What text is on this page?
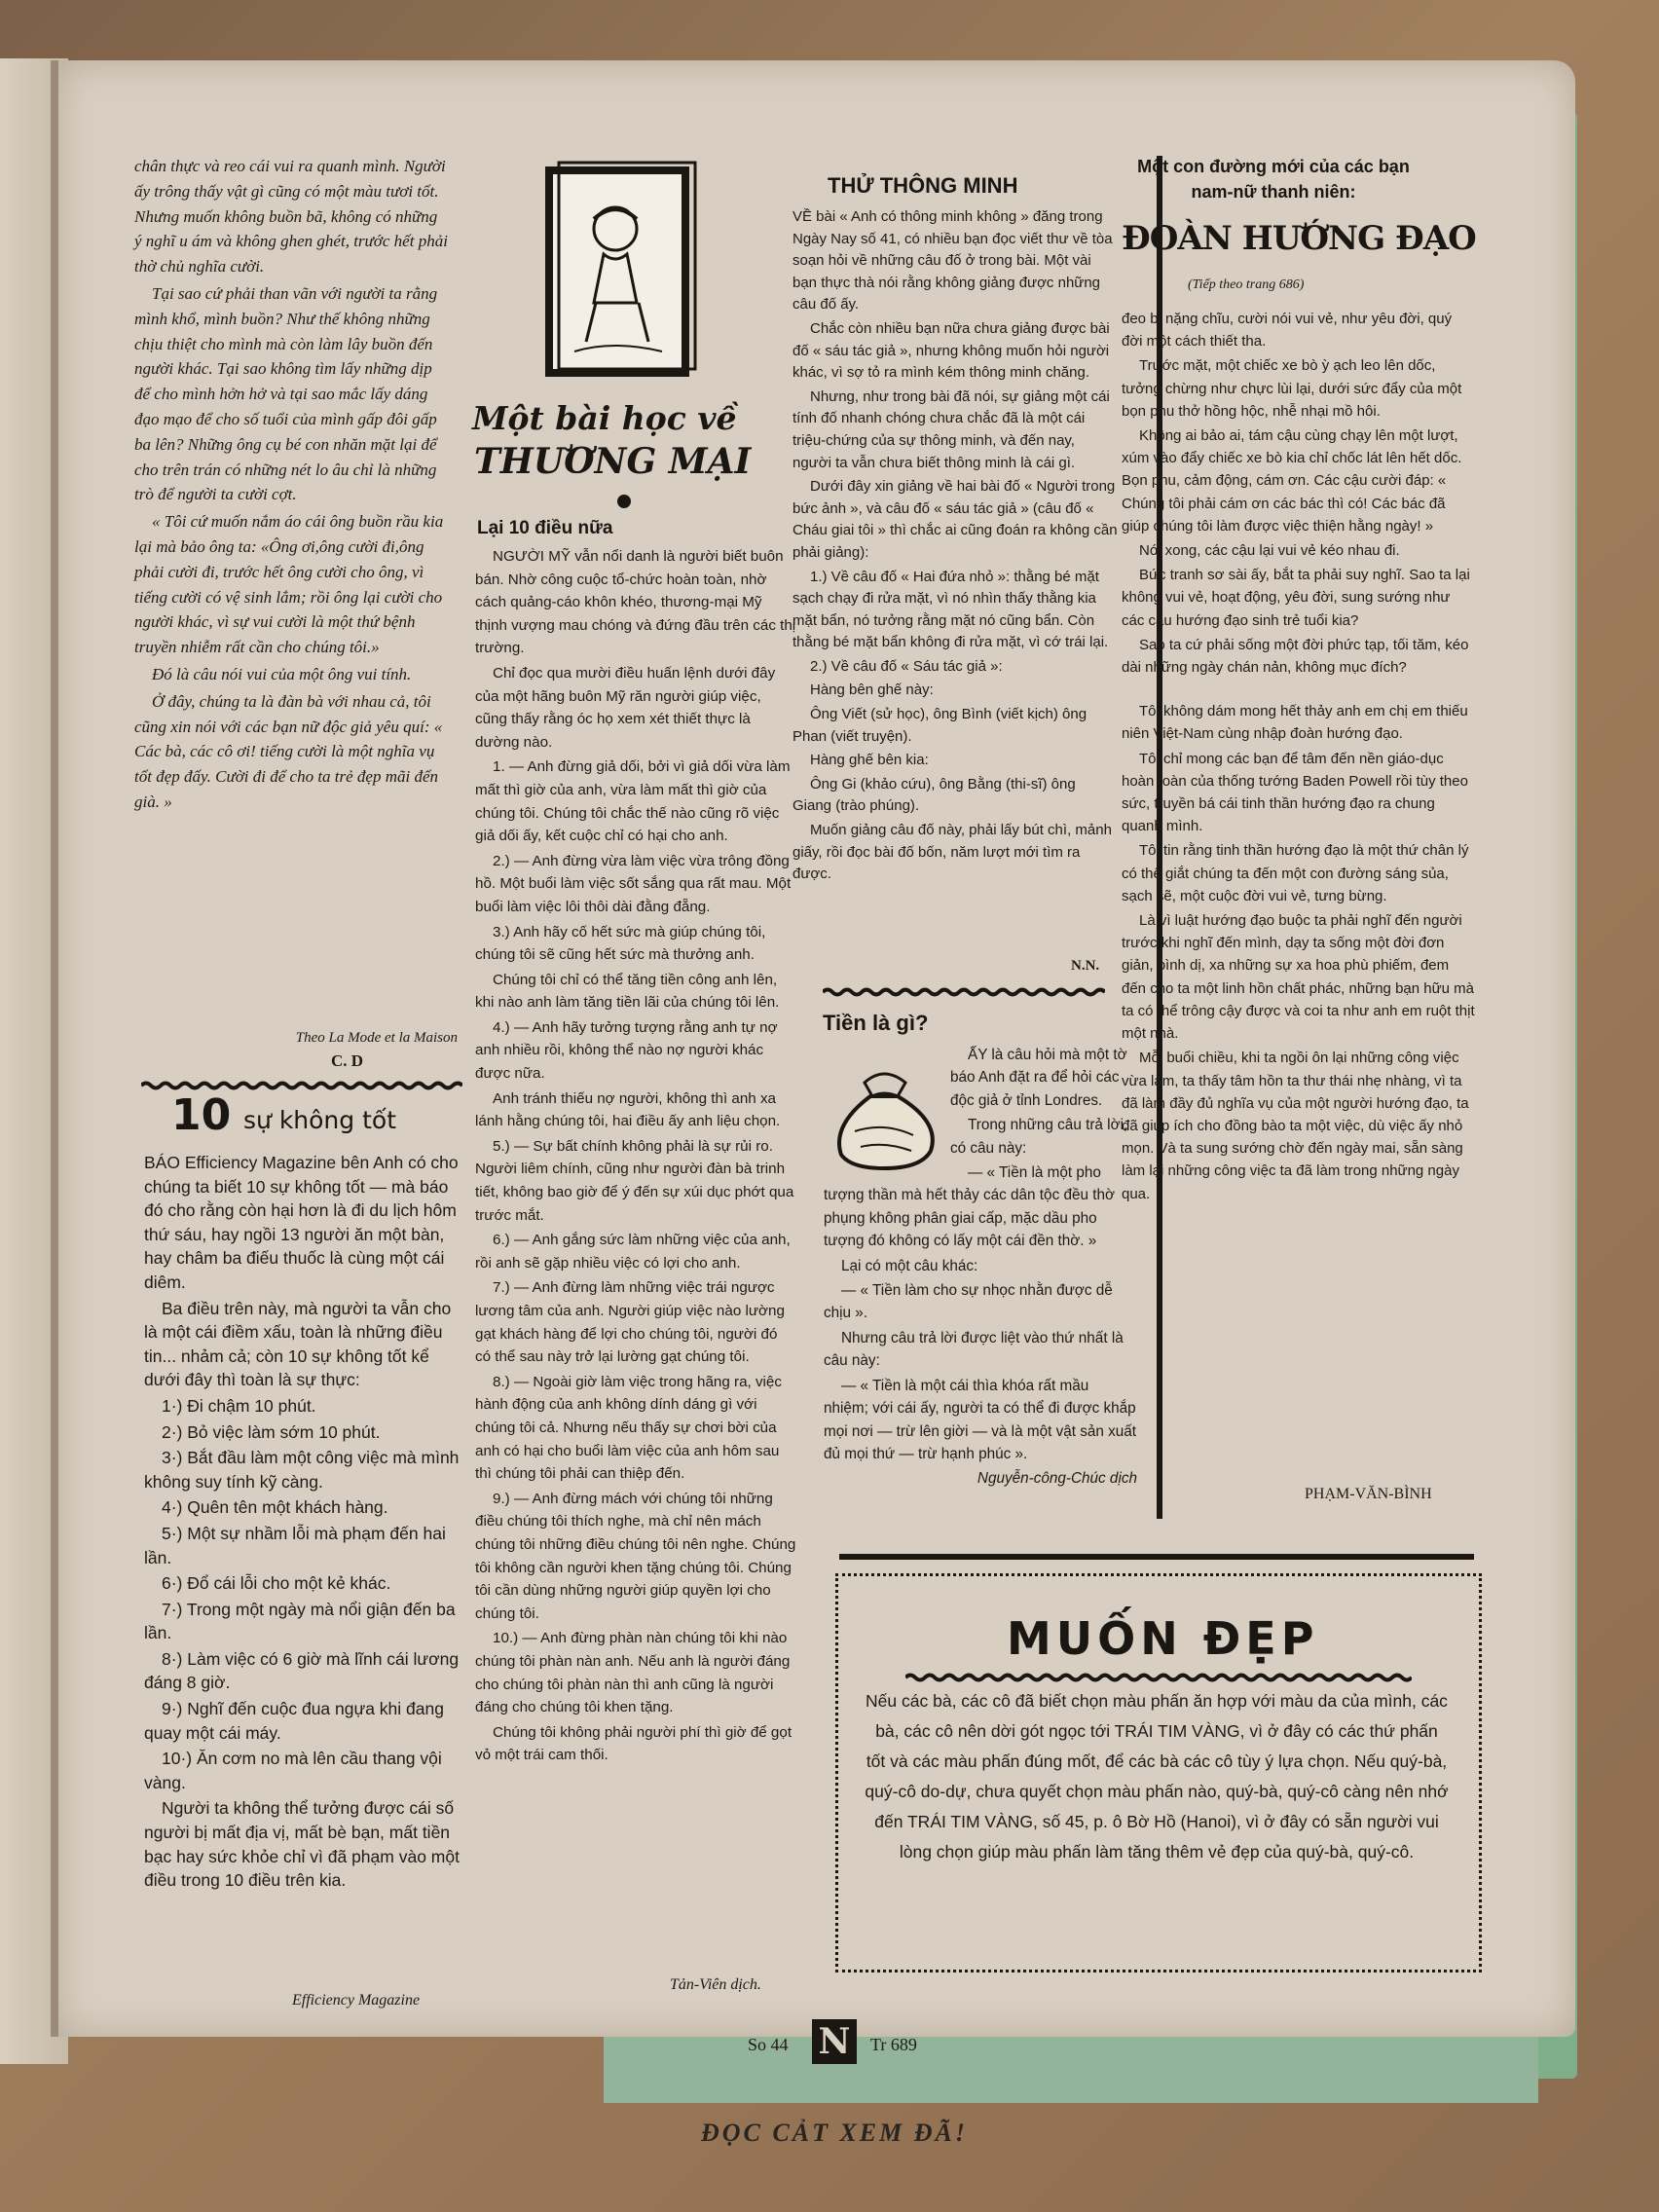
chân thực và reo cái vui ra quanh mình. Người ấy trông thấy vật gì cũng có một màu tươi tốt. Nhưng muốn không buồn bã, không có những ý nghĩ u ám và không ghen ghét, trước hết phải thờ chủ nghĩa cười.

Tại sao cứ phải than vãn với người ta rằng mình khổ, mình buồn? Như thế không những chịu thiệt cho mình mà còn làm lây buồn đến người khác. Tại sao không tìm lấy những dịp để cho mình hởn hở và tại sao mắc lấy dáng đạo mạo để cho số tuổi của mình gấp đôi gấp ba lên? Những ông cụ bé con nhăn mặt lại để cho trên trán có những nét lo âu chỉ là những trò để người ta cười cợt.

« Tôi cứ muốn nắm áo cái ông buồn rầu kia lại mà bảo ông ta: «Ông ơi,ông cười đi,ông phải cười đi, trước hết ông cười cho ông, vì tiếng cười có vệ sinh lắm; rồi ông lại cười cho người khác, vì sự vui cười là một thứ bệnh truyền nhiễm rất cần cho chúng tôi.»

Đó là câu nói vui của một ông vui tính.

Ở đây, chúng ta là đàn bà với nhau cả, tôi cũng xin nói với các bạn nữ độc giả yêu quí: « Các bà, các cô ơi! tiếng cười là một nghĩa vụ tốt đẹp đấy. Cười đi để cho ta trẻ đẹp mãi đến già. »

Theo La Mode et la Maison
C. D
10 sự không tốt

BÁO Efficiency Magazine bên Anh có cho chúng ta biết 10 sự không tốt — mà báo đó cho rằng còn hại hơn là đi du lịch hôm thứ sáu, hay ngồi 13 người ăn một bàn, hay châm ba điếu thuốc là cùng một cái diêm.

Ba điều trên này, mà người ta vẫn cho là một cái điềm xấu, toàn là những điều tin... nhảm cả; còn 10 sự không tốt kể dưới đây thì toàn là sự thực:

1·) Đi chậm 10 phút.

2·) Bỏ việc làm sớm 10 phút.

3·) Bắt đầu làm một công việc mà mình không suy tính kỹ càng.

4·) Quên tên một khách hàng.

5·) Một sự nhầm lỗi mà phạm đến hai lần.

6·) Đổ cái lỗi cho một kẻ khác.

7·) Trong một ngày mà nổi giận đến ba lần.

8·) Làm việc có 6 giờ mà lĩnh cái lương đáng 8 giờ.

9·) Nghĩ đến cuộc đua ngựa khi đang quay một cái máy.

10·) Ăn cơm no mà lên cầu thang vội vàng.

Người ta không thể tưởng được cái số người bị mất địa vị, mất bè bạn, mất tiền bạc hay sức khỏe chỉ vì đã phạm vào một điều trong 10 điều trên kia.

Efficiency Magazine
Một bài học về
THƯƠNG MẠI
Lại 10 điều nữa

NGƯỜI MỸ vẫn nổi danh là người biết buôn bán. Nhờ công cuộc tổ-chức hoàn toàn, nhờ cách quảng-cáo khôn khéo, thương-mại Mỹ thịnh vượng mau chóng và đứng đầu trên các thị trường.

Chỉ đọc qua mười điều huấn lệnh dưới đây của một hãng buôn Mỹ răn người giúp việc, cũng thấy rằng óc họ xem xét thiết thực là dường nào.

1. — Anh đừng giả dối, bởi vì giả dối vừa làm mất thì giờ của anh, vừa làm mất thì giờ của chúng tôi. Chúng tôi chắc thế nào cũng rõ việc giả dối ấy, kết cuộc chỉ có hại cho anh.

2.) — Anh đừng vừa làm việc vừa trông đồng hồ. Một buổi làm việc sốt sắng qua rất mau. Một buổi làm việc lôi thôi dài đằng đẵng.

3.) Anh hãy cố hết sức mà giúp chúng tôi, chúng tôi sẽ cũng hết sức mà thưởng anh.

Chúng tôi chỉ có thể tăng tiền công anh lên, khi nào anh làm tăng tiền lãi của chúng tôi lên.

4.) — Anh hãy tưởng tượng rằng anh tự nợ anh nhiều rồi, không thể nào nợ người khác được nữa.

Anh tránh thiếu nợ người, không thì anh xa lánh hằng chúng tôi, hai điều ấy anh liệu chọn.

5.) — Sự bất chính không phải là sự rủi ro. Người liêm chính, cũng như người đàn bà trinh tiết, không bao giờ để ý đến sự xúi dục phớt qua trước mắt.

6.) — Anh gắng sức làm những việc của anh, rồi anh sẽ gặp nhiều việc có lợi cho anh.

7.) — Anh đừng làm những việc trái ngược lương tâm của anh. Người giúp việc nào lường gạt khách hàng để lợi cho chúng tôi, người đó có thể sau này trở lại lường gạt chúng tôi.

8.) — Ngoài giờ làm việc trong hãng ra, việc hành động của anh không dính dáng gì với chúng tôi cả. Nhưng nếu thấy sự chơi bời của anh có hại cho buổi làm việc của anh hôm sau thì chúng tôi phải can thiệp đến.

9.) — Anh đừng mách với chúng tôi những điều chúng tôi thích nghe, mà chỉ nên mách chúng tôi những điều chúng tôi nên nghe. Chúng tôi không cần người khen tặng chúng tôi. Chúng tôi cần dùng những người giúp quyền lợi cho chúng tôi.

10.) — Anh đừng phàn nàn chúng tôi khi nào chúng tôi phàn nàn anh. Nếu anh là người đáng cho chúng tôi phàn nàn thì anh cũng là người đáng cho chúng tôi khen tặng.

Chúng tôi không phải người phí thì giờ để gọt vỏ một trái cam thối.

Tản-Viên dịch.
THỬ THÔNG MINH

VỀ bài « Anh có thông minh không » đăng trong Ngày Nay số 41, có nhiều bạn đọc viết thư về tòa soạn hỏi về những câu đố ở trong bài. Một vài bạn thực thà nói rằng không giảng được những câu đố ấy.

Chắc còn nhiều bạn nữa chưa giảng được bài đố « sáu tác giả », nhưng không muốn hỏi người khác, vì sợ tỏ ra mình kém thông minh chăng.

Nhưng, như trong bài đã nói, sự giảng một cái tính đố nhanh chóng chưa chắc đã là một cái triệu-chứng của sự thông minh, và đến nay, người ta vẫn chưa biết thông minh là cái gì.

Dưới đây xin giảng về hai bài đố « Người trong bức ảnh », và câu đố « sáu tác giả » (câu đố « Cháu giai tôi » thì chắc ai cũng đoán ra không cần phải giảng):

1.) Về câu đố « Hai đứa nhỏ »: thằng bé mặt sạch chạy đi rửa mặt, vì nó nhìn thấy thằng kia mặt bẩn, nó tưởng rằng mặt nó cũng bẩn. Còn thằng bé mặt bẩn không đi rửa mặt, vì cớ trái lại.

2.) Về câu đố « Sáu tác giả »:

Hàng bên ghế này:

Ông Viết (sử học), ông Bình (viết kịch) ông Phan (viết truyện).

Hàng ghế bên kia:

Ông Gi (khảo cứu), ông Bằng (thi-sĩ) ông Giang (trào phúng).

Muốn giảng câu đố này, phải lấy bút chì, mảnh giấy, rồi đọc bài đố bốn, năm lượt mới tìm ra được.

N.N.
Tiền là gì?

ẤY là câu hỏi mà một tờ báo Anh đặt ra để hỏi các độc giả ở tỉnh Londres.

Trong những câu trả lời, có câu này:

— « Tiền là một pho tượng thần mà hết thảy các dân tộc đều thờ phụng không phân giai cấp, mặc dầu pho tượng đó không có lấy một cái đền thờ. »

Lại có một câu khác:

— « Tiền làm cho sự nhọc nhằn được dễ chịu ».

Nhưng câu trả lời được liệt vào thứ nhất là câu này:

— « Tiền là một cái thìa khóa rất mầu nhiệm; với cái ấy, người ta có thể đi được khắp mọi nơi — trừ lên giời — và là một vật sản xuất đủ mọi thứ — trừ hạnh phúc ».

Nguyễn-công-Chúc dịch

Một con đường mới của các bạn nam-nữ thanh niên:
ĐOÀN HƯỚNG ĐẠO
(Tiếp theo trang 686)

đeo bị nặng chĩu, cười nói vui vẻ, như yêu đời, quý đời một cách thiết tha.

Trước mặt, một chiếc xe bò ỳ ạch leo lên dốc, tưởng chừng như chực lùi lại, dưới sức đẩy của một bọn phu thở hồng hộc, nhễ nhại mồ hôi.

Không ai bảo ai, tám cậu cùng chạy lên một lượt, xúm vào đẩy chiếc xe bò kia chỉ chốc lát lên hết dốc. Bọn phu, cảm động, cám ơn. Các cậu cười đáp: « Chúng tôi phải cám ơn các bác thì có! Các bác đã giúp chúng tôi làm được việc thiện hằng ngày! »

Nói xong, các cậu lại vui vẻ kéo nhau đi.

Bức tranh sơ sài ấy, bắt ta phải suy nghĩ. Sao ta lại không vui vẻ, hoạt động, yêu đời, sung sướng như các cậu hướng đạo sinh trẻ tuổi kia?

Sao ta cứ phải sống một đời phức tạp, tối tăm, kéo dài những ngày chán nản, không mục đích?

Tôi không dám mong hết thảy anh em chị em thiếu niên Việt-Nam cùng nhập đoàn hướng đạo.

Tôi chỉ mong các bạn để tâm đến nền giáo-dục hoàn toàn của thống tướng Baden Powell rồi tùy theo sức, truyền bá cái tinh thần hướng đạo ra chung quanh mình.

Tôi tin rằng tinh thần hướng đạo là một thứ chân lý có thể giắt chúng ta đến một con đường sáng sủa, sạch sẽ, một cuộc đời vui vẻ, tưng bừng.

Là vì luật hướng đạo buộc ta phải nghĩ đến người trước khi nghĩ đến mình, dạy ta sống một đời đơn giản, bình dị, xa những sự xa hoa phù phiếm, đem đến cho ta một linh hồn chất phác, những bạn hữu mà ta có thể trông cậy được và coi ta như anh em ruột thịt một nhà.

Mỗi buổi chiều, khi ta ngồi ôn lại những công việc vừa làm, ta thấy tâm hồn ta thư thái nhẹ nhàng, vì ta đã làm đầy đủ nghĩa vụ của một người hướng đạo, ta đã giúp ích cho đồng bào ta một việc, dù việc ấy nhỏ mọn. Và ta sung sướng chờ đến ngày mai, sẵn sàng làm lại những công việc ta đã làm trong những ngày qua.

PHẠM-VĂN-BÌNH
MUỐN ĐẸP
Nếu các bà, các cô đã biết chọn màu phấn ăn hợp với màu da của mình, các bà, các cô nên dời gót ngọc tới TRÁI TIM VÀNG, vì ở đây có các thứ phấn tốt và các màu phấn đúng mốt, để các bà các cô tùy ý lựa chọn. Nếu quý-bà, quý-cô do-dự, chưa quyết chọn màu phấn nào, quý-bà, quý-cô càng nên nhớ đến TRÁI TIM VÀNG, số 45, p. ô Bờ Hồ (Hanoi), vì ở đây có sẵn người vui lòng chọn giúp màu phấn làm tăng thêm vẻ đẹp của quý-bà, quý-cô.
So 44 N	Tr 689
ĐỌC CẢT XEM ĐÃ!
